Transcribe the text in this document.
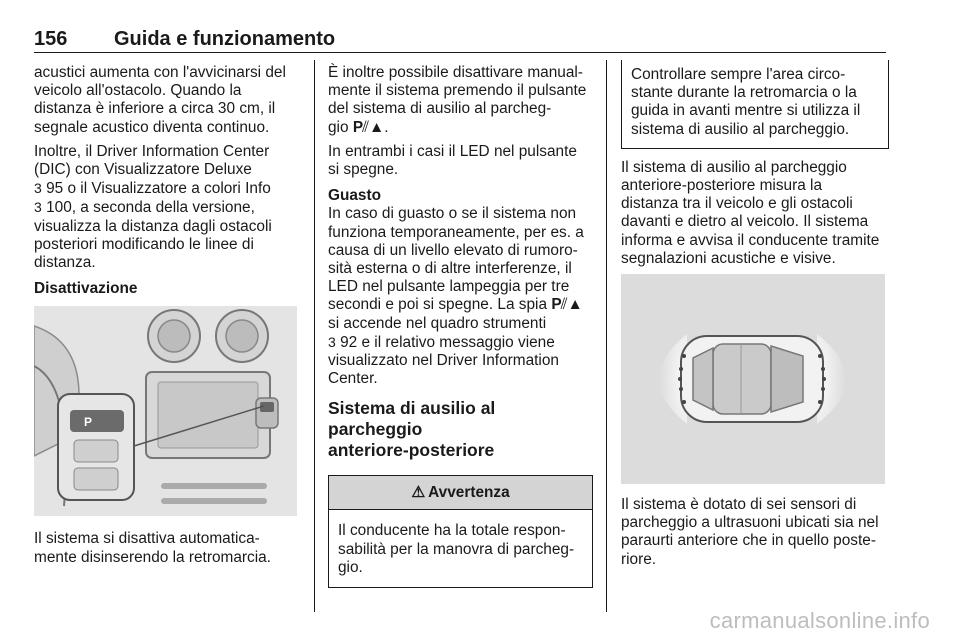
156 Guida e funzionamento

acustici aumenta con l'avvicinarsi del
veicolo all'ostacolo. Quando la
distanza è inferiore a circa 30 cm, il
segnale acustico diventa continuo.

Inoltre, il Driver Information Center
(DIC) con Visualizzatore Deluxe
3 95 o il Visualizzatore a colori Info
3 100, a seconda della versione,
visualizza la distanza dagli ostacoli
posteriori modificando le linee di
distanza.

Disattivazione
P

Il sistema si disattiva automatica-
mente disinserendo la retromarcia.

È inoltre possibile disattivare manual-
mente il sistema premendo il pulsante
del sistema di ausilio al parcheg-
gio P⫽▲.

In entrambi i casi il LED nel pulsante
si spegne.

Guasto

In caso di guasto o se il sistema non
funziona temporaneamente, per es. a
causa di un livello elevato di rumoro-
sità esterna o di altre interferenze, il
LED nel pulsante lampeggia per tre
secondi e poi si spegne. La spia P⫽▲
si accende nel quadro strumenti
3 92 e il relativo messaggio viene
visualizzato nel Driver Information
Center.

Sistema di ausilio al parcheggio
anteriore-posteriore
⚠ Avvertenza
Il conducente ha la totale respon-
sabilità per la manovra di parcheg-
gio.
Controllare sempre l'area circo-
stante durante la retromarcia o la
guida in avanti mentre si utilizza il
sistema di ausilio al parcheggio.

Il sistema di ausilio al parcheggio
anteriore-posteriore misura la
distanza tra il veicolo e gli ostacoli
davanti e dietro al veicolo. Il sistema
informa e avvisa il conducente tramite
segnalazioni acustiche e visive.

Il sistema è dotato di sei sensori di
parcheggio a ultrasuoni ubicati sia nel
paraurti anteriore che in quello poste-
riore.

carmanualsonline.info
